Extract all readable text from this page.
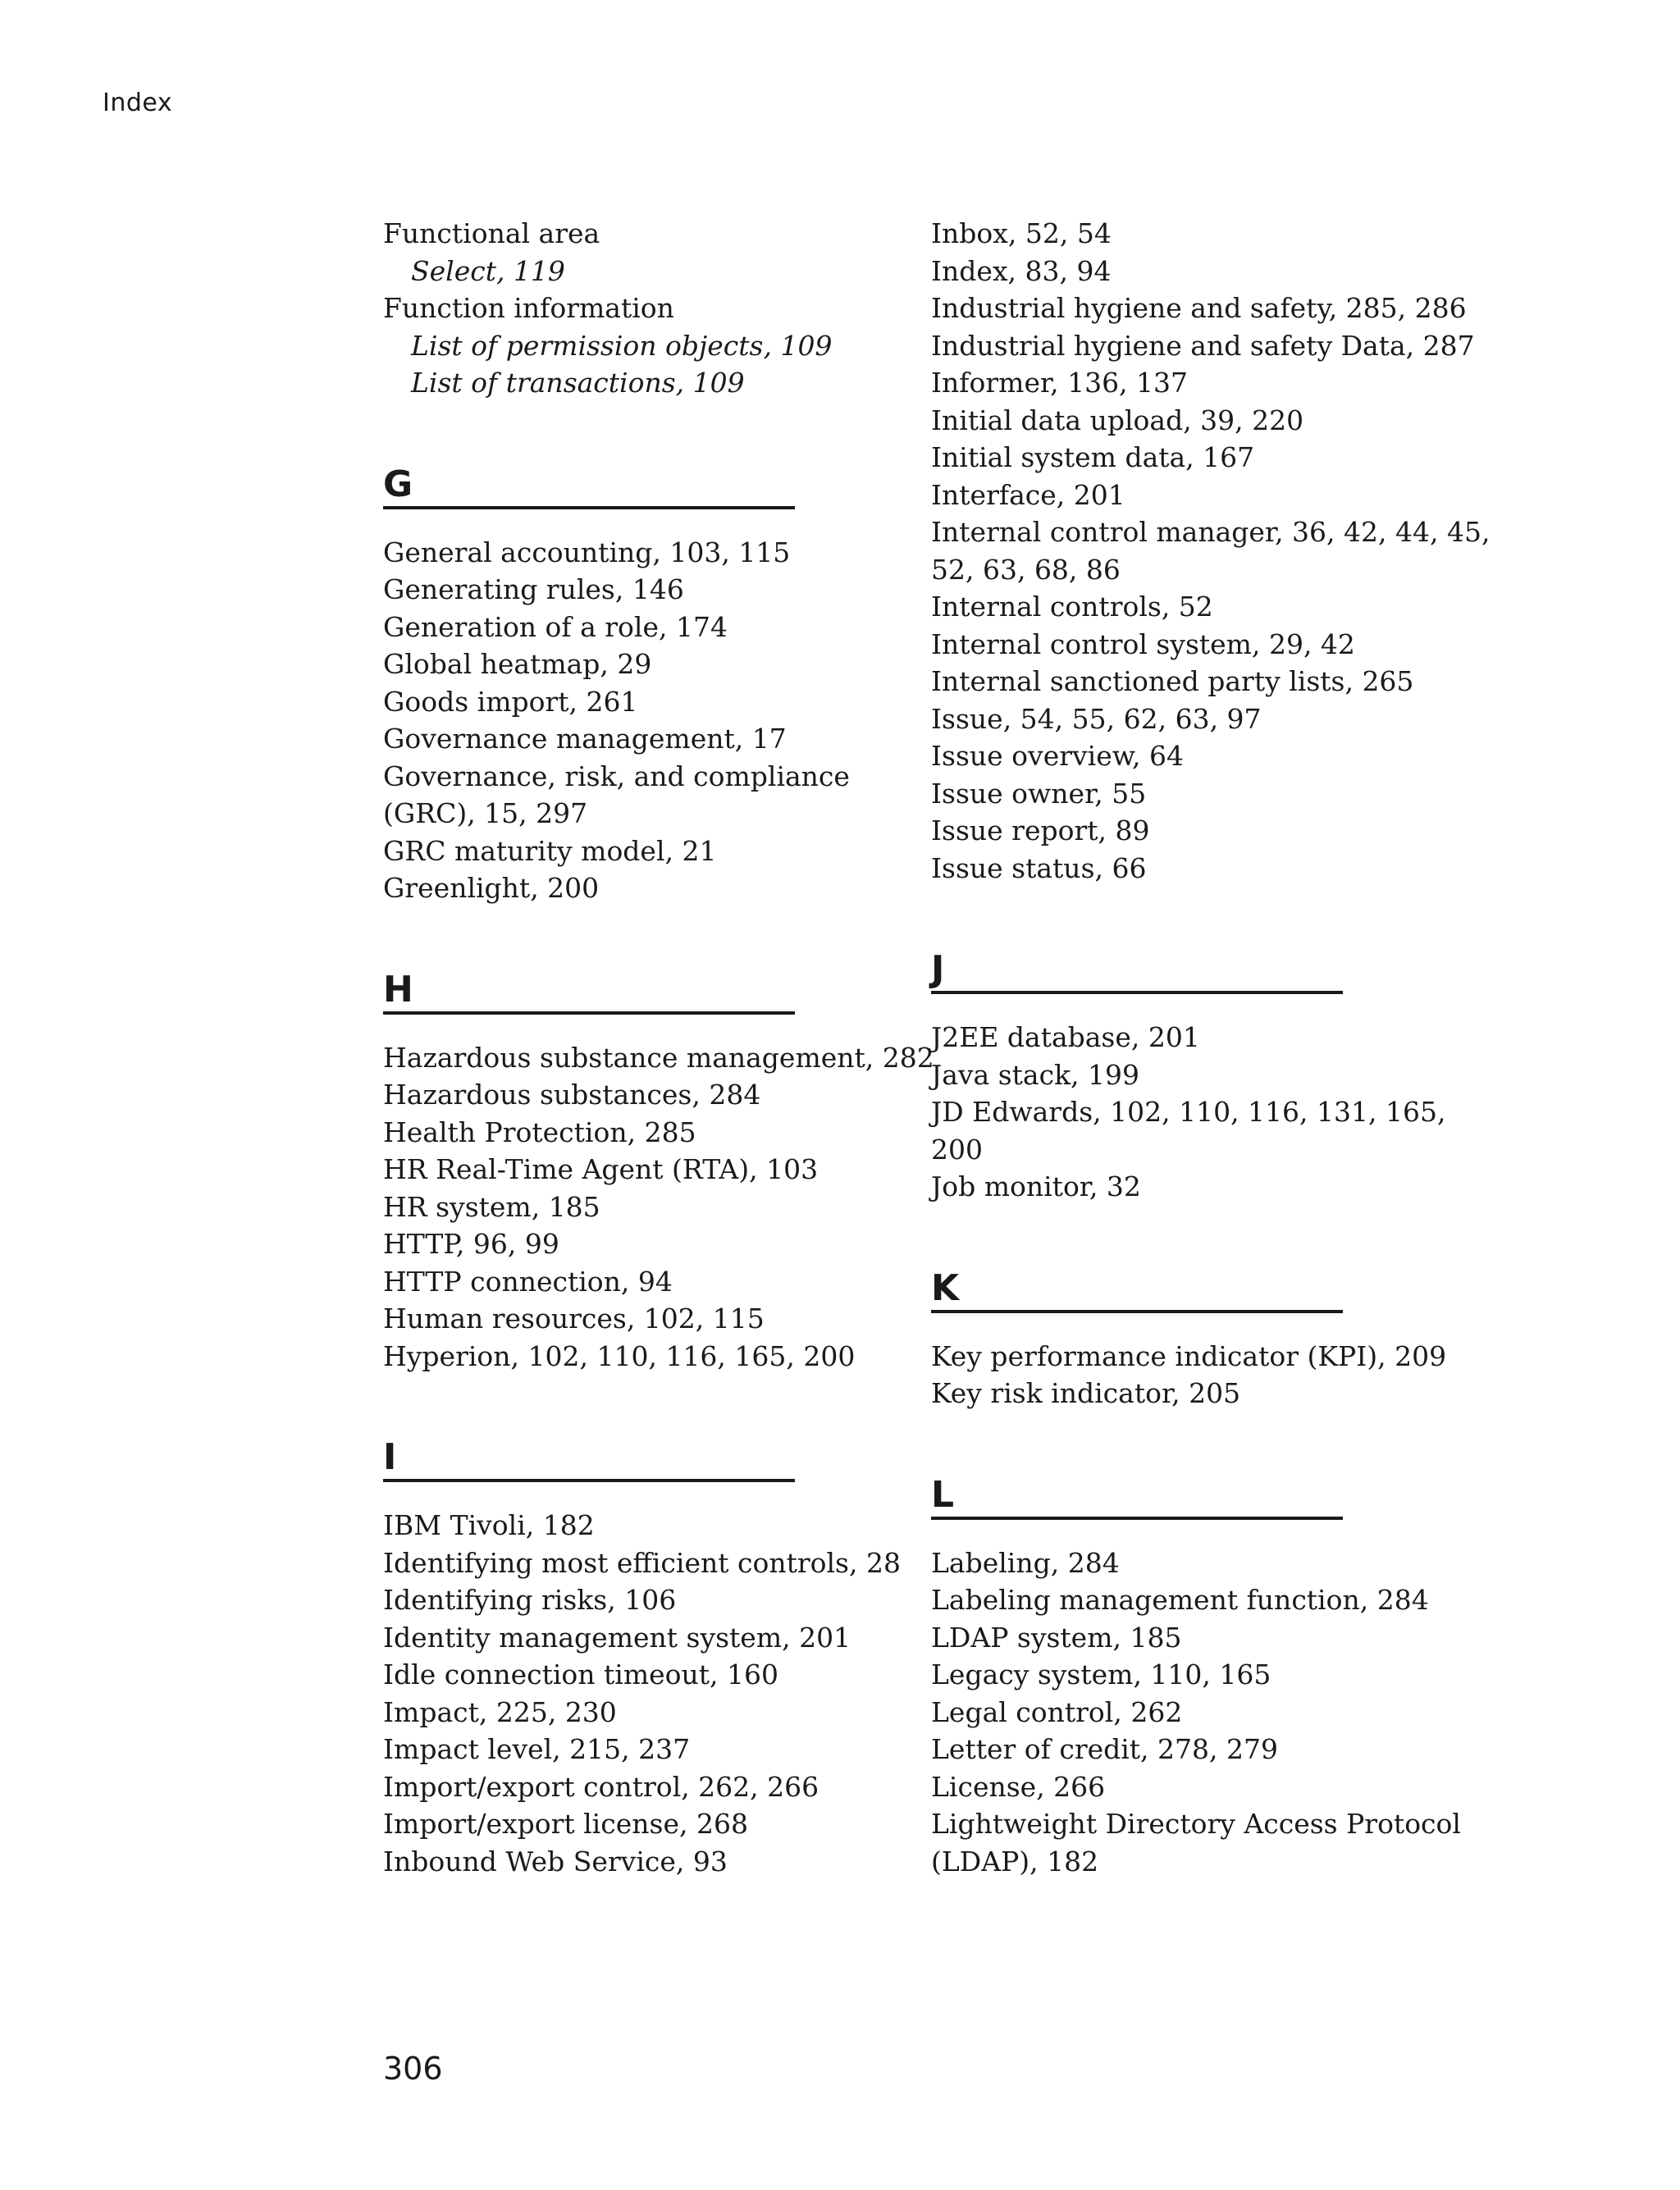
Index
Functional area
Select, 119
Function information
List of permission objects, 109
List of transactions, 109
G
General accounting, 103, 115
Generating rules, 146
Generation of a role, 174
Global heatmap, 29
Goods import, 261
Governance management, 17
Governance, risk, and compliance
(GRC), 15, 297
GRC maturity model, 21
Greenlight, 200
H
Hazardous substance management, 282
Hazardous substances, 284
Health Protection, 285
HR Real-Time Agent (RTA), 103
HR system, 185
HTTP, 96, 99
HTTP connection, 94
Human resources, 102, 115
Hyperion, 102, 110, 116, 165, 200
I
IBM Tivoli, 182
Identifying most efficient controls, 28
Identifying risks, 106
Identity management system, 201
Idle connection timeout, 160
Impact, 225, 230
Impact level, 215, 237
Import/export control, 262, 266
Import/export license, 268
Inbound Web Service, 93
Inbox, 52, 54
Index, 83, 94
Industrial hygiene and safety, 285, 286
Industrial hygiene and safety Data, 287
Informer, 136, 137
Initial data upload, 39, 220
Initial system data, 167
Interface, 201
Internal control manager, 36, 42, 44, 45,
52, 63, 68, 86
Internal controls, 52
Internal control system, 29, 42
Internal sanctioned party lists, 265
Issue, 54, 55, 62, 63, 97
Issue overview, 64
Issue owner, 55
Issue report, 89
Issue status, 66
J
J2EE database, 201
Java stack, 199
JD Edwards, 102, 110, 116, 131, 165,
200
Job monitor, 32
K
Key performance indicator (KPI), 209
Key risk indicator, 205
L
Labeling, 284
Labeling management function, 284
LDAP system, 185
Legacy system, 110, 165
Legal control, 262
Letter of credit, 278, 279
License, 266
Lightweight Directory Access Protocol
(LDAP), 182
306
